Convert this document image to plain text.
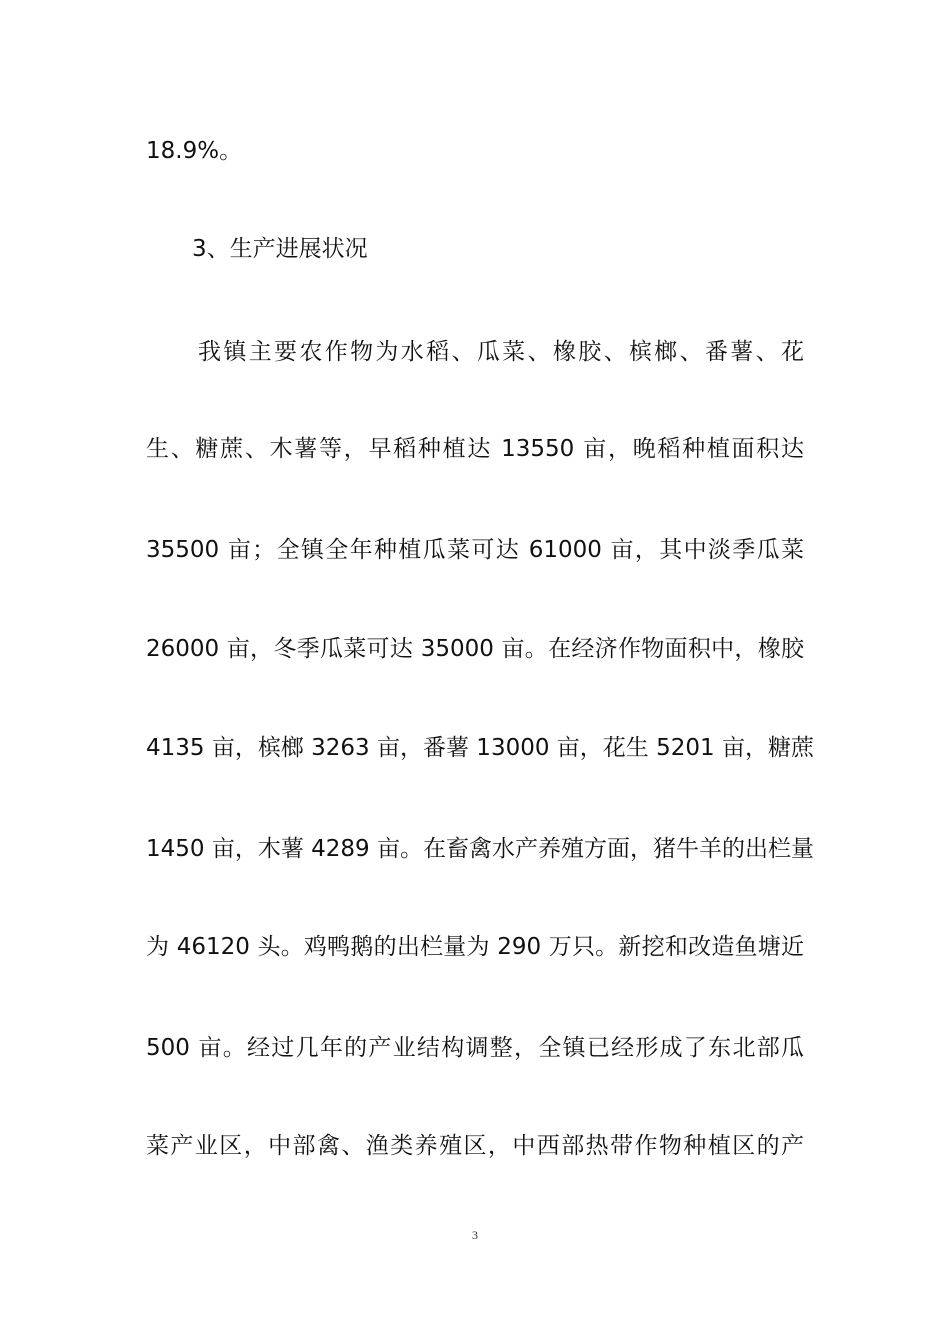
18.9%。
3、生产进展状况
我镇主要农作物为水稻、瓜菜、橡胶、槟榔、番薯、花
生、糖蔗、木薯等，早稻种植达 13550 亩，晚稻种植面积达
35500 亩；全镇全年种植瓜菜可达 61000 亩，其中淡季瓜菜
26000 亩，冬季瓜菜可达 35000 亩。在经济作物面积中，橡胶
4135 亩，槟榔 3263 亩，番薯 13000 亩，花生 5201 亩，糖蔗
1450 亩，木薯 4289 亩。在畜禽水产养殖方面，猪牛羊的出栏量
为 46120 头。鸡鸭鹅的出栏量为 290 万只。新挖和改造鱼塘近
500 亩。经过几年的产业结构调整，全镇已经形成了东北部瓜
菜产业区，中部禽、渔类养殖区，中西部热带作物种植区的产
3
